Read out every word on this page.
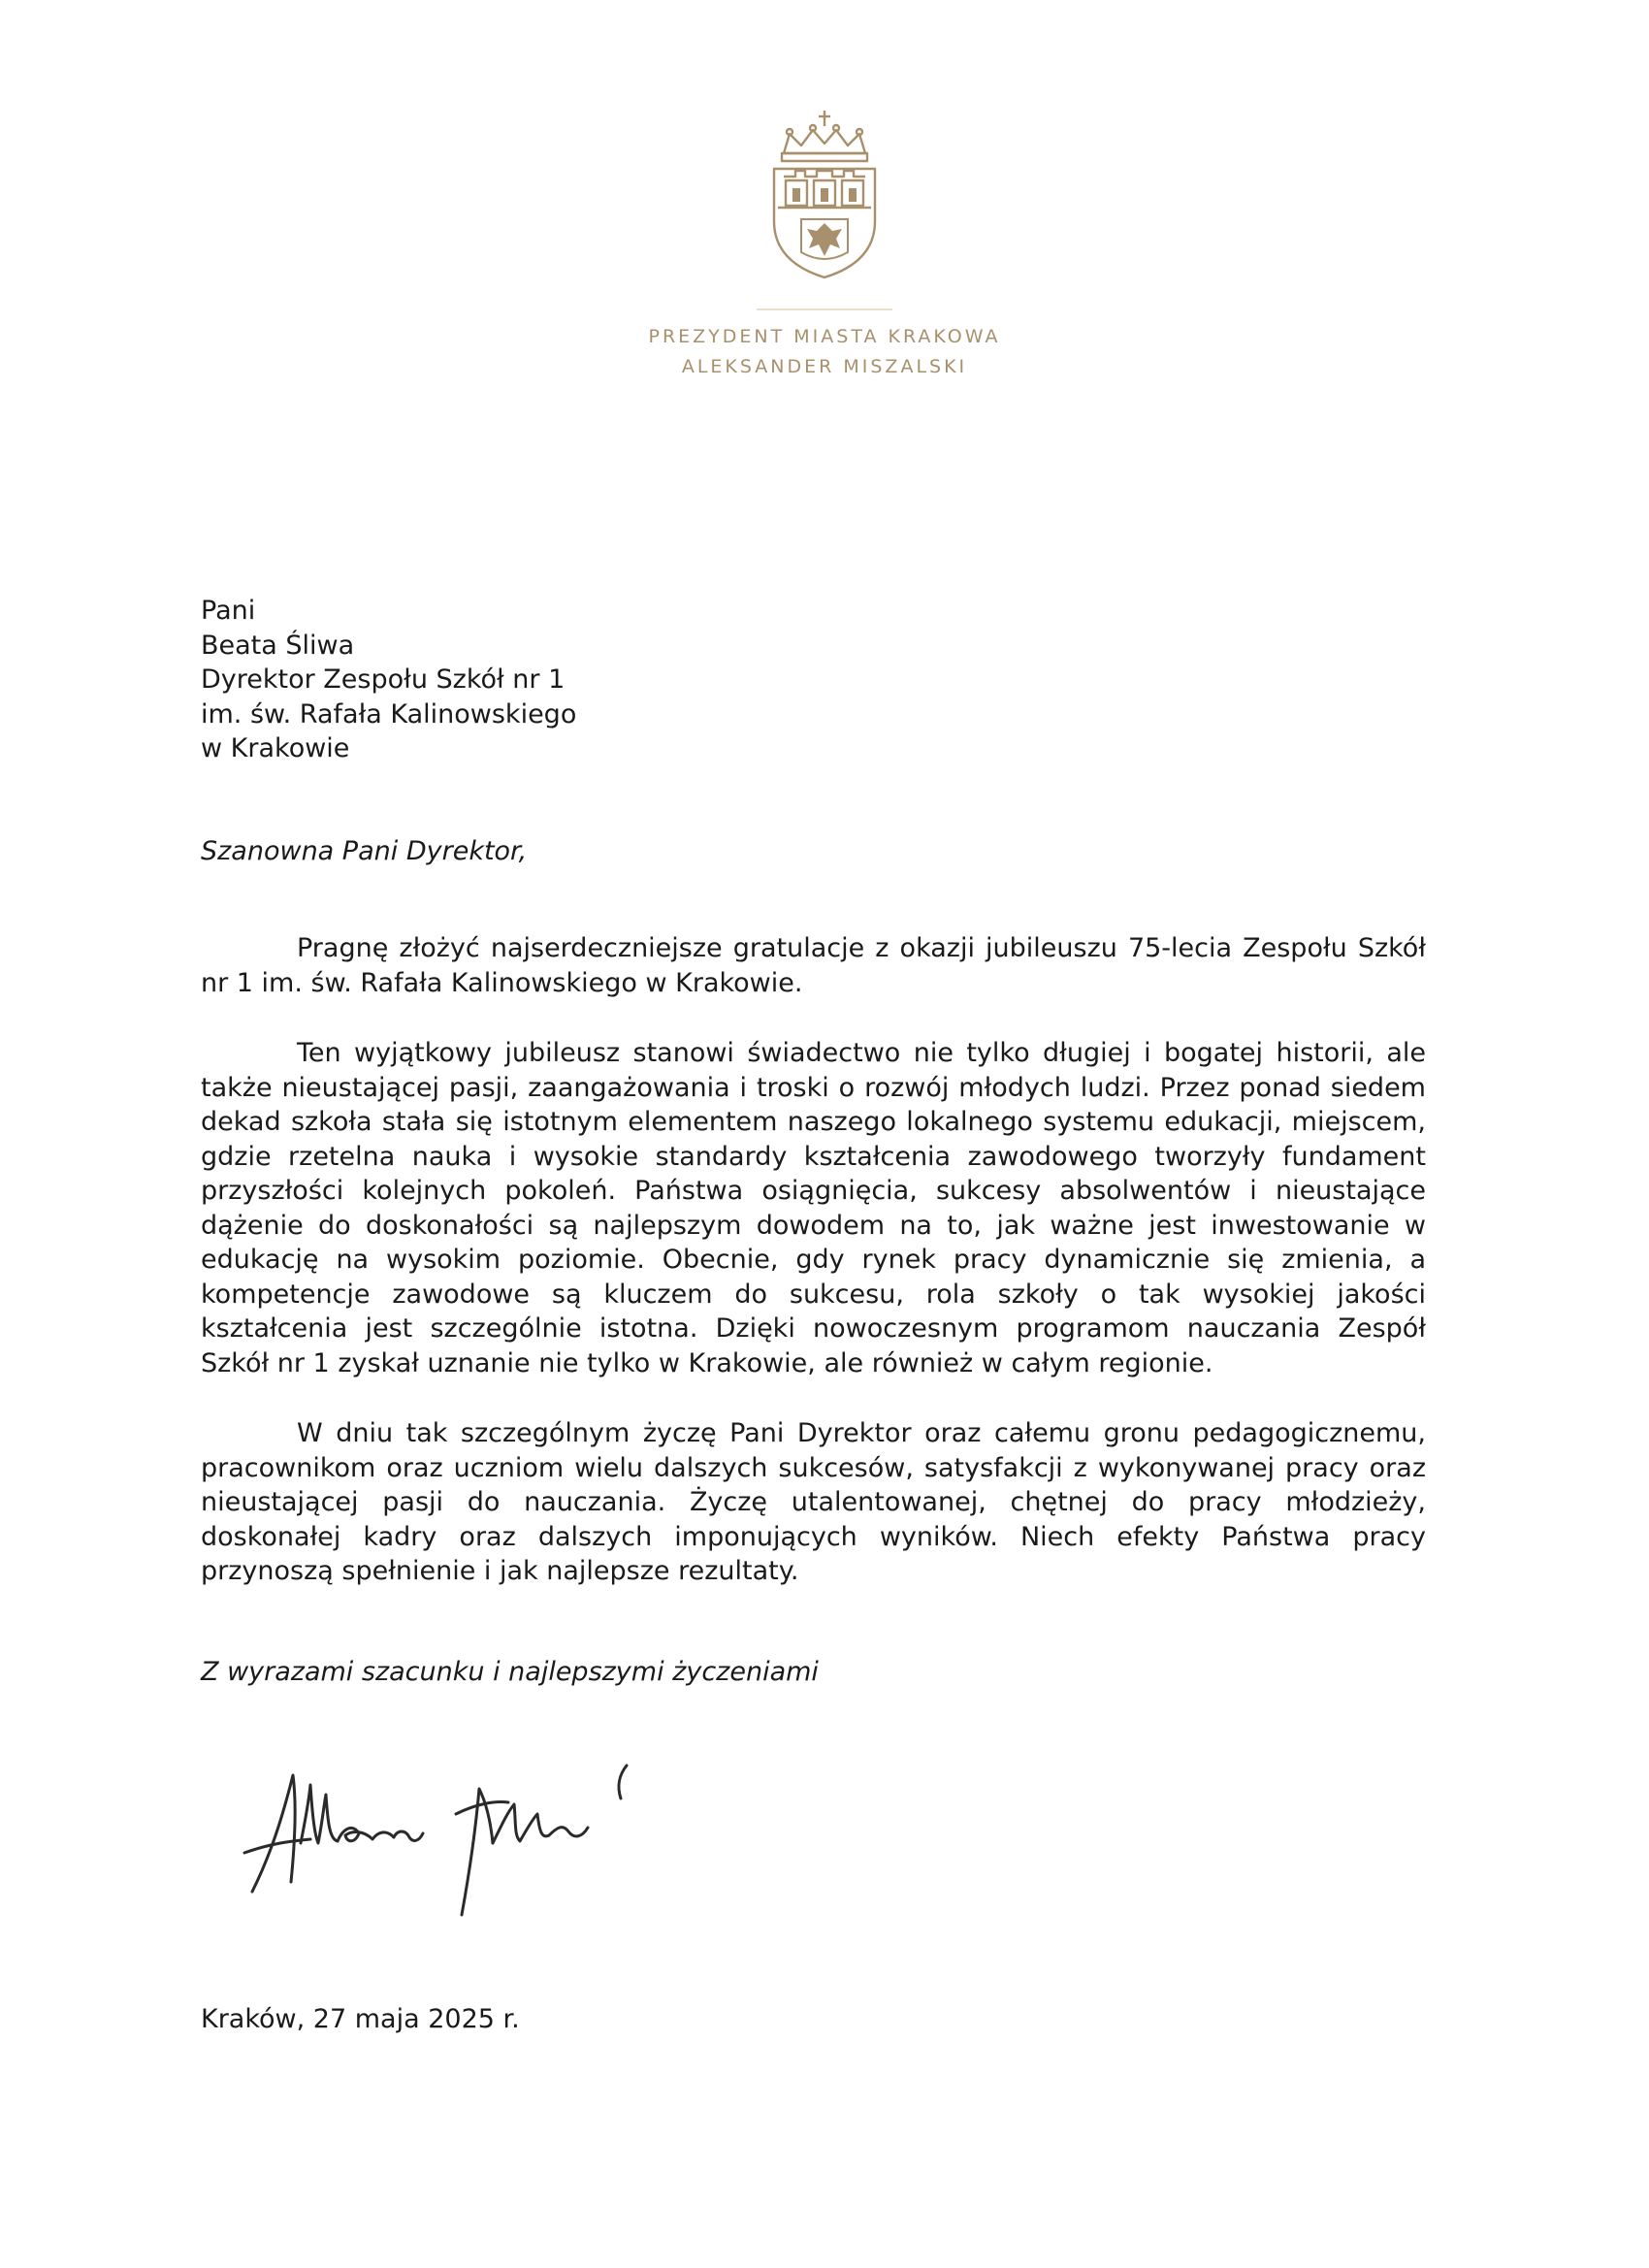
PREZYDENT MIASTA KRAKOWA
ALEKSANDER MISZALSKI
Pani
Beata Śliwa
Dyrektor Zespołu Szkół nr 1
im. św. Rafała Kalinowskiego
w Krakowie
Szanowna Pani Dyrektor,

Pragnę złożyć najserdeczniejsze gratulacje z okazji jubileuszu 75-lecia Zespołu Szkół nr 1 im. św. Rafała Kalinowskiego w Krakowie.

Ten wyjątkowy jubileusz stanowi świadectwo nie tylko długiej i bogatej historii, ale także nieustającej pasji, zaangażowania i troski o rozwój młodych ludzi. Przez ponad siedem dekad szkoła stała się istotnym elementem naszego lokalnego systemu edukacji, miejscem, gdzie rzetelna nauka i wysokie standardy kształcenia zawodowego tworzyły fundament przyszłości kolejnych pokoleń. Państwa osiągnięcia, sukcesy absolwentów i nieustające dążenie do doskonałości są najlepszym dowodem na to, jak ważne jest inwestowanie w edukację na wysokim poziomie. Obecnie, gdy rynek pracy dynamicznie się zmienia, a kompetencje zawodowe są kluczem do sukcesu, rola szkoły o tak wysokiej jakości kształcenia jest szczególnie istotna. Dzięki nowoczesnym programom nauczania Zespół Szkół nr 1 zyskał uznanie nie tylko w Krakowie, ale również w całym regionie.

W dniu tak szczególnym życzę Pani Dyrektor oraz całemu gronu pedagogicznemu, pracownikom oraz uczniom wielu dalszych sukcesów, satysfakcji z wykonywanej pracy oraz nieustającej pasji do nauczania. Życzę utalentowanej, chętnej do pracy młodzieży, doskonałej kadry oraz dalszych imponujących wyników. Niech efekty Państwa pracy przynoszą spełnienie i jak najlepsze rezultaty.

Z wyrazami szacunku i najlepszymi życzeniami
Kraków, 27 maja 2025 r.
